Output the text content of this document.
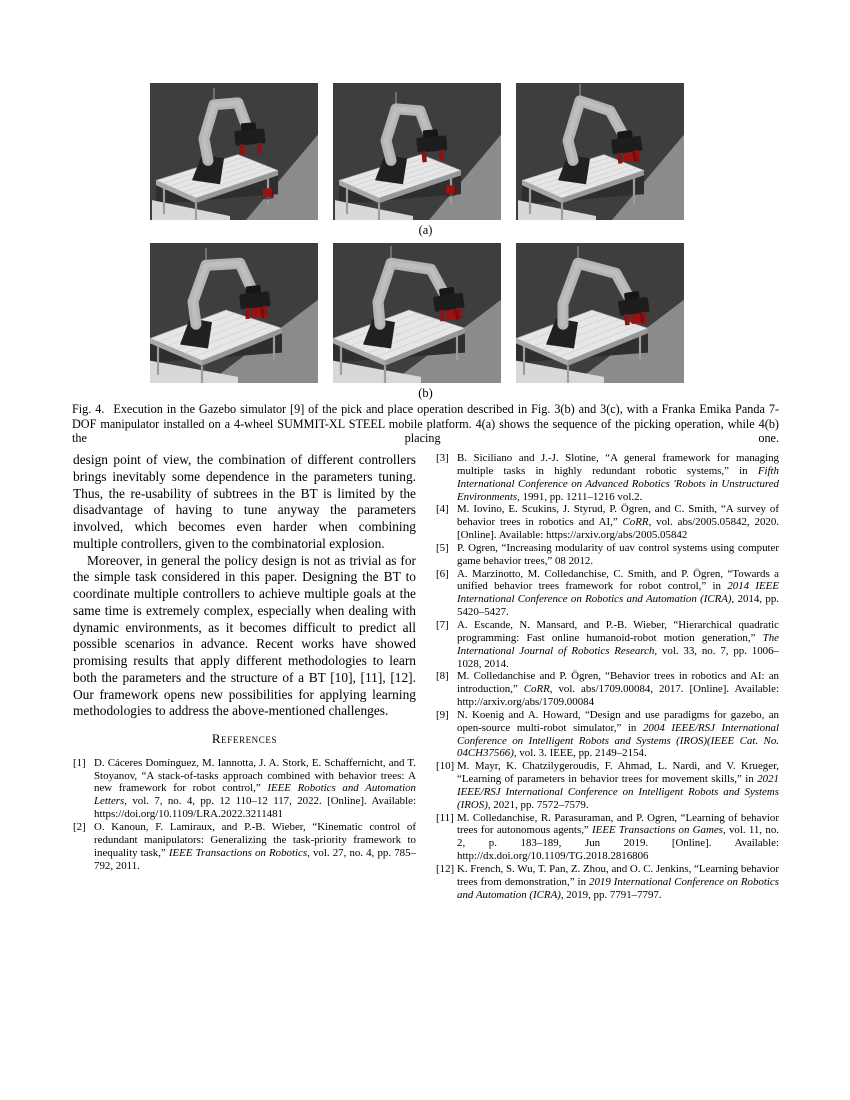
(a)
(b)
Fig. 4. Execution in the Gazebo simulator [9] of the pick and place operation described in Fig. 3(b) and 3(c), with a Franka Emika Panda 7-DOF manipulator installed on a 4-wheel SUMMIT-XL STEEL mobile platform. 4(a) shows the sequence of the picking operation, while 4(b) the placing one.

design point of view, the combination of different controllers brings inevitably some dependence in the parameters tuning. Thus, the re-usability of subtrees in the BT is limited by the disadvantage of having to tune anyway the parameters involved, which becomes even harder when combining multiple controllers, given to the combinatorial explosion.

Moreover, in general the policy design is not as trivial as for the simple task considered in this paper. Designing the BT to coordinate multiple controllers to achieve multiple goals at the same time is extremely complex, especially when dealing with dynamic environments, as it becomes difficult to predict all possible scenarios in advance. Recent works have showed promising results that apply different methodologies to learn both the parameters and the structure of a BT [10], [11], [12]. Our framework opens new possibilities for applying learning methodologies to address the above-mentioned challenges.

References
[1] D. Cáceres Domínguez, M. Iannotta, J. A. Stork, E. Schaffernicht, and T. Stoyanov, “A stack-of-tasks approach combined with behavior trees: A new framework for robot control,” IEEE Robotics and Automation Letters, vol. 7, no. 4, pp. 12 110–12 117, 2022. [Online]. Available: https://doi.org/10.1109/LRA.2022.3211481
[2] O. Kanoun, F. Lamiraux, and P.-B. Wieber, “Kinematic control of redundant manipulators: Generalizing the task-priority framework to inequality task,” IEEE Transactions on Robotics, vol. 27, no. 4, pp. 785–792, 2011.
[3] B. Siciliano and J.-J. Slotine, “A general framework for managing multiple tasks in highly redundant robotic systems,” in Fifth International Conference on Advanced Robotics 'Robots in Unstructured Environments, 1991, pp. 1211–1216 vol.2.
[4] M. Iovino, E. Scukins, J. Styrud, P. Ögren, and C. Smith, “A survey of behavior trees in robotics and AI,” CoRR, vol. abs/2005.05842, 2020. [Online]. Available: https://arxiv.org/abs/2005.05842
[5] P. Ogren, “Increasing modularity of uav control systems using computer game behavior trees,” 08 2012.
[6] A. Marzinotto, M. Colledanchise, C. Smith, and P. Ögren, “Towards a unified behavior trees framework for robot control,” in 2014 IEEE International Conference on Robotics and Automation (ICRA), 2014, pp. 5420–5427.
[7] A. Escande, N. Mansard, and P.-B. Wieber, “Hierarchical quadratic programming: Fast online humanoid-robot motion generation,” The International Journal of Robotics Research, vol. 33, no. 7, pp. 1006–1028, 2014.
[8] M. Colledanchise and P. Ögren, “Behavior trees in robotics and AI: an introduction,” CoRR, vol. abs/1709.00084, 2017. [Online]. Available: http://arxiv.org/abs/1709.00084
[9] N. Koenig and A. Howard, “Design and use paradigms for gazebo, an open-source multi-robot simulator,” in 2004 IEEE/RSJ International Conference on Intelligent Robots and Systems (IROS)(IEEE Cat. No. 04CH37566), vol. 3. IEEE, pp. 2149–2154.
[10] M. Mayr, K. Chatzilygeroudis, F. Ahmad, L. Nardi, and V. Krueger, “Learning of parameters in behavior trees for movement skills,” in 2021 IEEE/RSJ International Conference on Intelligent Robots and Systems (IROS), 2021, pp. 7572–7579.
[11] M. Colledanchise, R. Parasuraman, and P. Ogren, “Learning of behavior trees for autonomous agents,” IEEE Transactions on Games, vol. 11, no. 2, p. 183–189, Jun 2019. [Online]. Available: http://dx.doi.org/10.1109/TG.2018.2816806
[12] K. French, S. Wu, T. Pan, Z. Zhou, and O. C. Jenkins, “Learning behavior trees from demonstration,” in 2019 International Conference on Robotics and Automation (ICRA), 2019, pp. 7791–7797.
